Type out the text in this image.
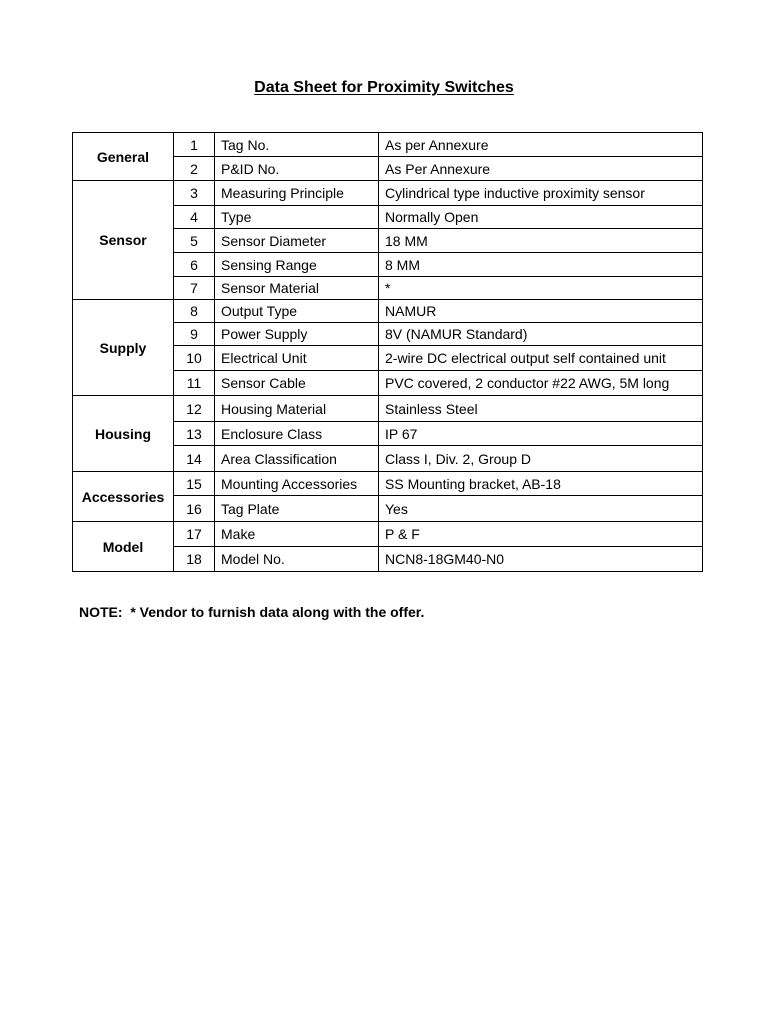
Data Sheet for Proximity Switches
General	1	Tag No.	As per Annexure
	2	P&ID No.	As Per Annexure
Sensor	3	Measuring Principle	Cylindrical type inductive proximity sensor
	4	Type	Normally Open
	5	Sensor Diameter	18 MM
	6	Sensing Range	8 MM
	7	Sensor Material	*
Supply	8	Output Type	NAMUR
	9	Power Supply	8V (NAMUR Standard)
	10	Electrical Unit	2-wire DC electrical output self contained unit
	11	Sensor Cable	PVC covered, 2 conductor #22 AWG, 5M long
Housing	12	Housing Material	Stainless Steel
	13	Enclosure Class	IP 67
	14	Area Classification	Class I, Div. 2, Group D
Accessories	15	Mounting Accessories	SS Mounting bracket, AB-18
	16	Tag Plate	Yes
Model	17	Make	P & F
	18	Model No.	NCN8-18GM40-N0
NOTE:  * Vendor to furnish data along with the offer.
